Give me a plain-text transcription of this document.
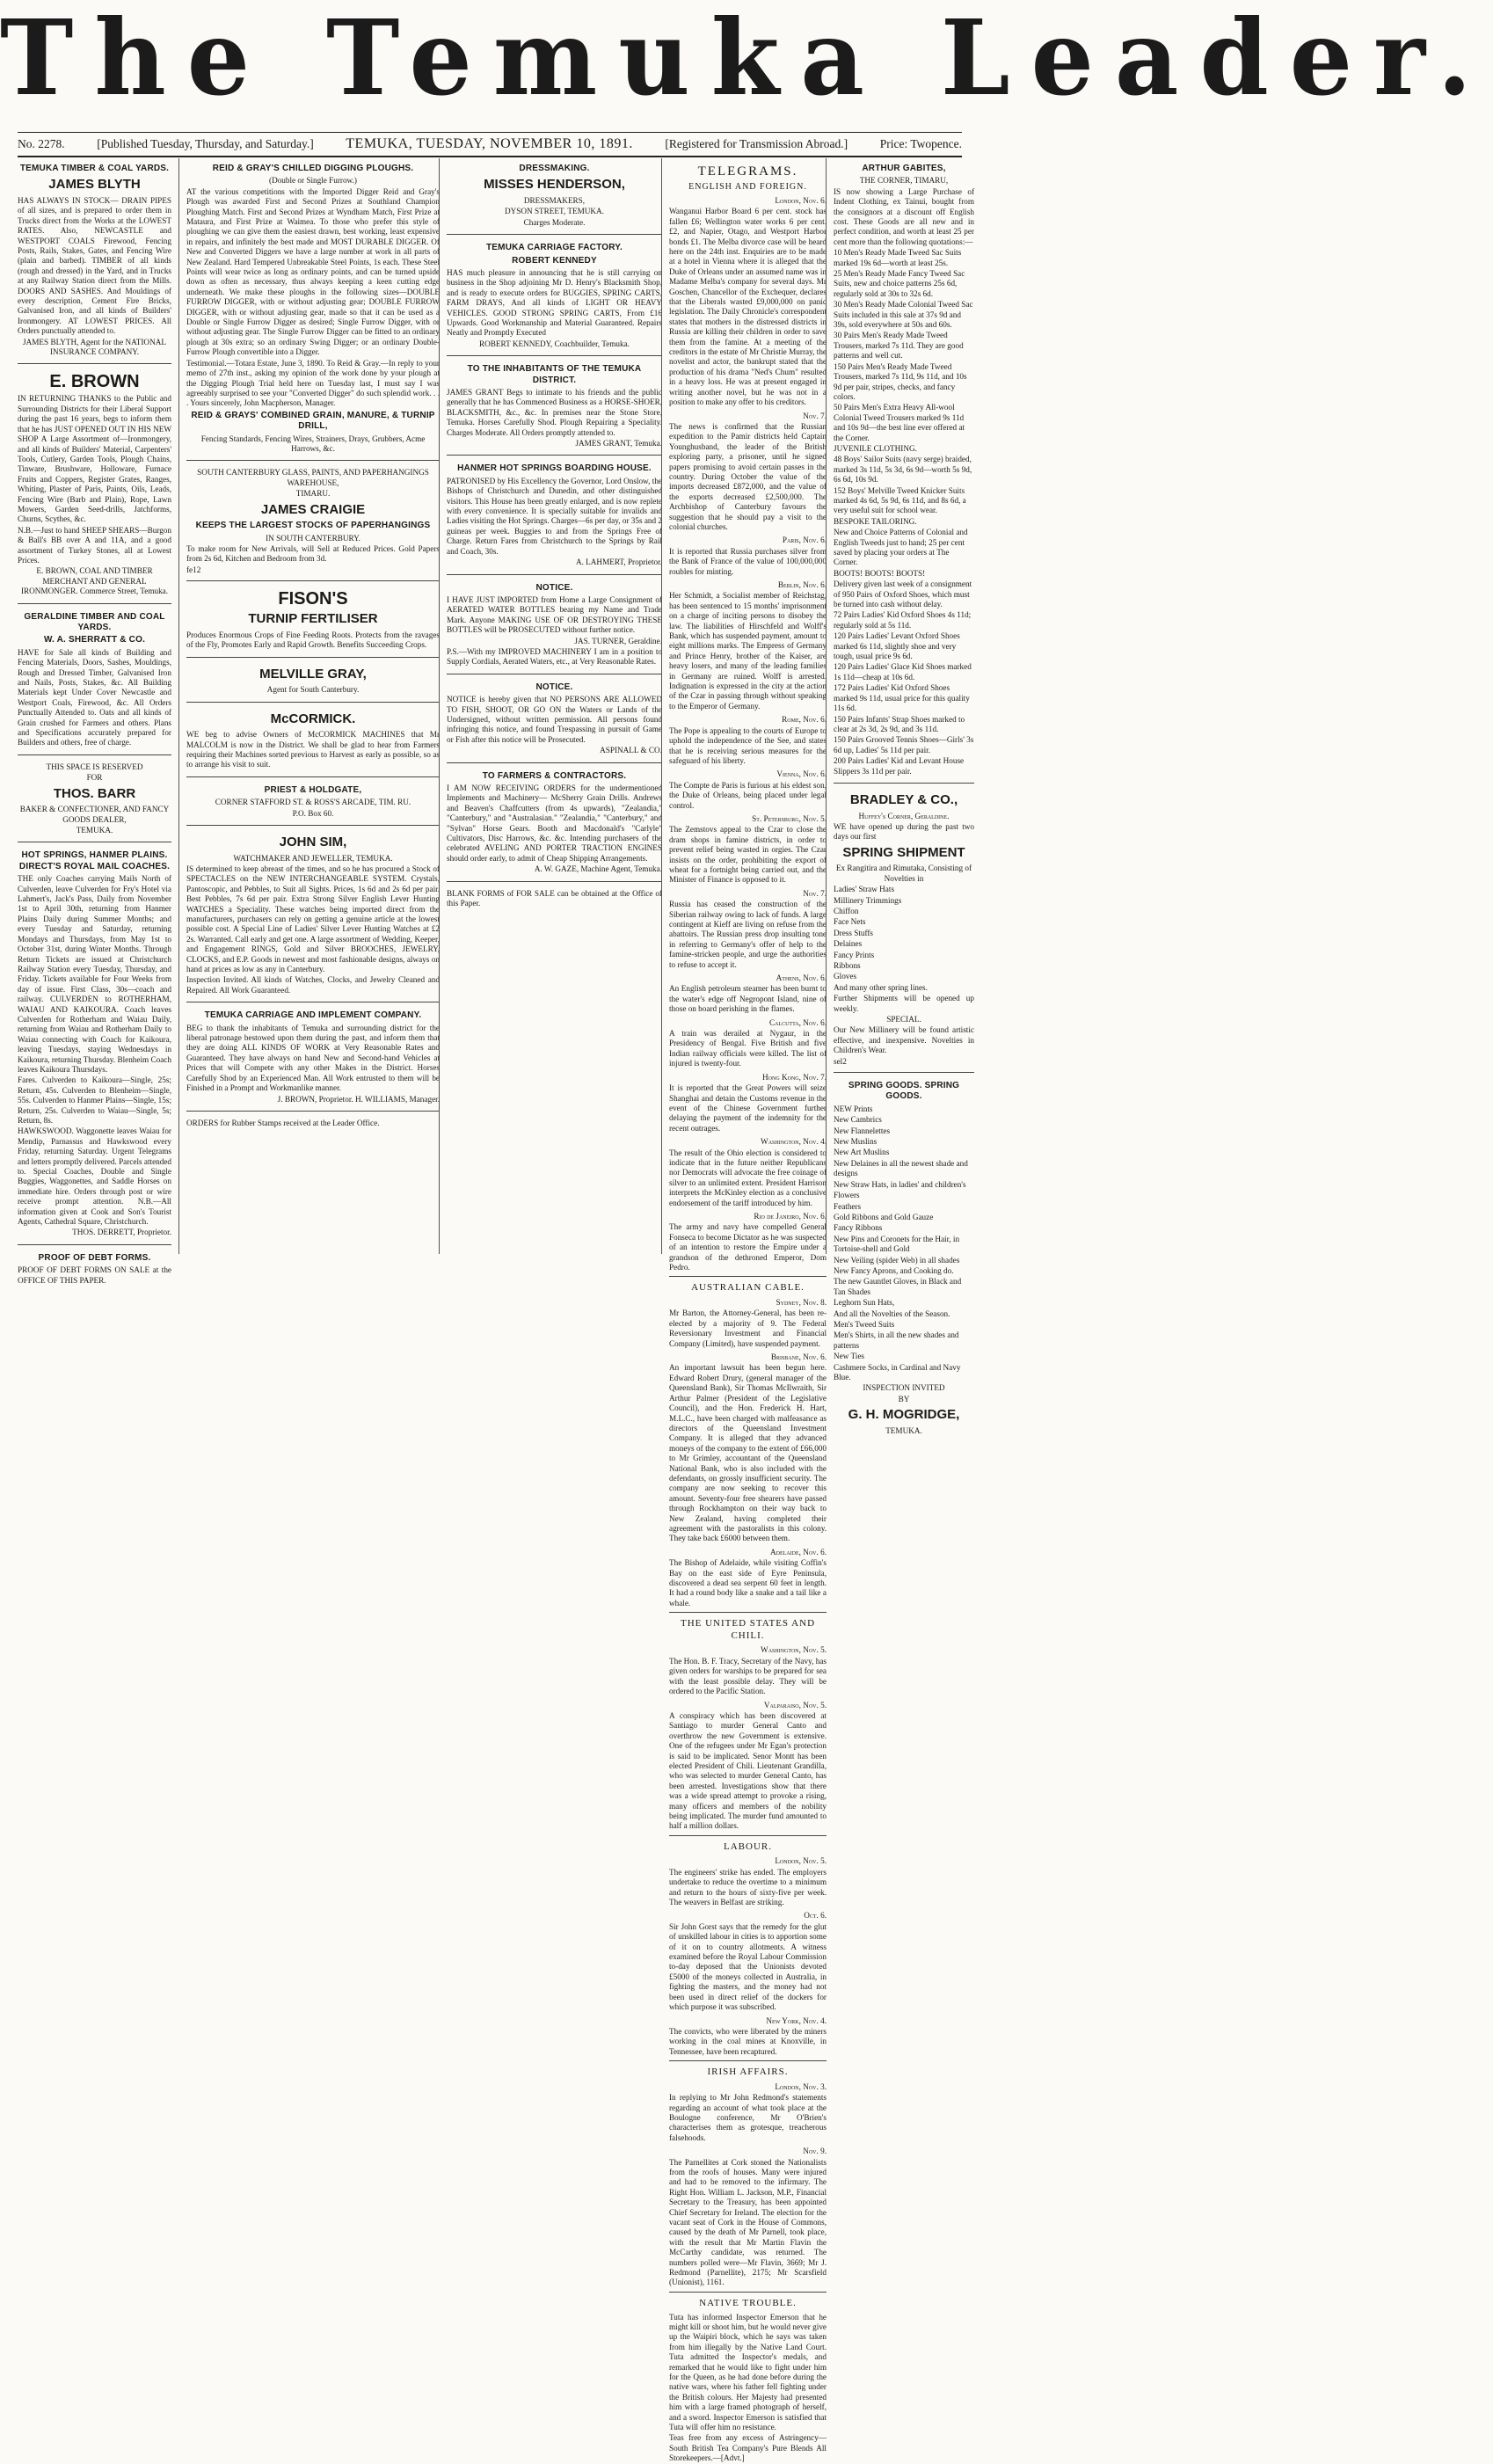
The Temuka Leader.
No. 2278.	[Published Tuesday, Thursday, and Saturday.] TEMUKA, TUESDAY, NOVEMBER 10, 1891.	[Registered for Transmission Abroad.]	Price: Twopence.
TEMUKA TIMBER & COAL YARDS.
JAMES BLYTH
HAS ALWAYS IN STOCK— DRAIN PIPES of all sizes, and is prepared to order them in Trucks direct from the Works at the LOWEST RATES. Also, NEWCASTLE and WESTPORT COALS Firewood, Fencing Posts, Rails, Stakes, Gates, and Fencing Wire (plain and barbed). TIMBER of all kinds (rough and dressed) in the Yard, and in Trucks at any Railway Station direct from the Mills. DOORS AND SASHES. And Mouldings of every description, Cement Fire Bricks, Galvanised Iron, and all kinds of Builders' Ironmongery. AT LOWEST PRICES. All Orders punctually attended to.
JAMES BLYTH, Agent for the NATIONAL INSURANCE COMPANY.
E. BROWN
IN RETURNING THANKS to the Public and Surrounding Districts for their Liberal Support during the past 16 years, begs to inform them that he has JUST OPENED OUT IN HIS NEW SHOP A Large Assortment of—Ironmongery, and all kinds of Builders' Material, Carpenters' Tools, Cutlery, Garden Tools, Plough Chains, Tinware, Brushware, Holloware, Furnace Fruits and Coppers, Register Grates, Ranges, Whiting, Plaster of Paris, Paints, Oils, Leads, Fencing Wire (Barb and Plain), Rope, Lawn Mowers, Garden Seed-drills, Jatchforms, Churns, Scythes, &c.
N.B.—Just to hand SHEEP SHEARS—Burgon & Ball's BB over A and 11A, and a good assortment of Turkey Stones, all at Lowest Prices.
E. BROWN, COAL AND TIMBER MERCHANT AND GENERAL IRONMONGER. Commerce Street, Temuka.
GERALDINE TIMBER AND COAL YARDS.
W. A. SHERRATT & CO.
HAVE for Sale all kinds of Building and Fencing Materials, Doors, Sashes, Mouldings, Rough and Dressed Timber, Galvanised Iron and Nails, Posts, Stakes, &c. All Building Materials kept Under Cover Newcastle and Westport Coals, Firewood, &c. All Orders Punctually Attended to. Oats and all kinds of Grain crushed for Farmers and others. Plans and Specifications accurately prepared for Builders and others, free of charge.
THIS SPACE IS RESERVED
FOR
THOS. BARR
BAKER & CONFECTIONER, AND FANCY GOODS DEALER,
TEMUKA.
HOT SPRINGS, HANMER PLAINS. DIRECT'S ROYAL MAIL COACHES.
THE only Coaches carrying Mails North of Culverden, leave Culverden for Fry's Hotel via Lahmert's, Jack's Pass, Daily from November 1st to April 30th, returning from Hanmer Plains Daily during Summer Months; and every Tuesday and Saturday, returning Mondays and Thursdays, from May 1st to October 31st, during Winter Months. Through Return Tickets are issued at Christchurch Railway Station every Tuesday, Thursday, and Friday. Tickets available for Four Weeks from day of issue. First Class, 30s—coach and railway. CULVERDEN to ROTHERHAM, WAIAU AND KAIKOURA. Coach leaves Culverden for Rotherham and Waiau Daily, returning from Waiau and Rotherham Daily to Waiau connecting with Coach for Kaikoura, leaving Tuesdays, staying Wednesdays in Kaikoura, returning Thursday. Blenheim Coach leaves Kaikoura Thursdays.
Fares. Culverden to Kaikoura—Single, 25s; Return, 45s. Culverden to Blenheim—Single, 55s. Culverden to Hanmer Plains—Single, 15s; Return, 25s. Culverden to Waiau—Single, 5s; Return, 8s.
HAWKSWOOD. Waggonette leaves Waiau for Mendip, Parnassus and Hawkswood every Friday, returning Saturday. Urgent Telegrams and letters promptly delivered. Parcels attended to. Special Coaches, Double and Single Buggies, Waggonettes, and Saddle Horses on immediate hire. Orders through post or wire receive prompt attention. N.B.—All information given at Cook and Son's Tourist Agents, Cathedral Square, Christchurch.
THOS. DERRETT, Proprietor.
PROOF OF DEBT FORMS.
PROOF OF DEBT FORMS ON SALE at the OFFICE OF THIS PAPER.
REID & GRAY'S CHILLED DIGGING PLOUGHS.
(Double or Single Furrow.)
AT the various competitions with the Imported Digger Reid and Gray's Plough was awarded First and Second Prizes at Southland Champion Ploughing Match. First and Second Prizes at Wyndham Match, First Prize at Mataura, and First Prize at Waimea. To those who prefer this style of ploughing we can give them the easiest drawn, best working, least expensive in repairs, and infinitely the best made and MOST DURABLE DIGGER. Of New and Converted Diggers we have a large number at work in all parts of New Zealand. Hard Tempered Unbreakable Steel Points, 1s each. These Steel Points will wear twice as long as ordinary points, and can be turned upside down as often as necessary, thus always keeping a keen cutting edge underneath. We make these ploughs in the following sizes—DOUBLE FURROW DIGGER, with or without adjusting gear; DOUBLE FURROW DIGGER, with or without adjusting gear, made so that it can be used as a Double or Single Furrow Digger as desired; Single Furrow Digger, with or without adjusting gear. The Single Furrow Digger can be fitted to an ordinary plough at 30s extra; so an ordinary Swing Digger; or an ordinary Double-Furrow Plough convertible into a Digger.
Testimonial.—Totara Estate, June 3, 1890. To Reid & Gray.—In reply to your memo of 27th inst., asking my opinion of the work done by your plough at the Digging Plough Trial held here on Tuesday last, I must say I was agreeably surprised to see your "Converted Digger" do such splendid work. . . . Yours sincerely, John Macpherson, Manager.
REID & GRAYS' COMBINED GRAIN, MANURE, & TURNIP DRILL,
Fencing Standards, Fencing Wires, Strainers, Drays, Grubbers, Acme Harrows, &c.
SOUTH CANTERBURY GLASS, PAINTS, AND PAPERHANGINGS WAREHOUSE,
TIMARU.
JAMES CRAIGIE
KEEPS THE LARGEST STOCKS OF PAPERHANGINGS
IN SOUTH CANTERBURY.
To make room for New Arrivals, will Sell at Reduced Prices. Gold Papers from 2s 6d, Kitchen and Bedroom from 3d.
fe12
FISON'S
TURNIP FERTILISER
Produces Enormous Crops of Fine Feeding Roots. Protects from the ravages of the Fly, Promotes Early and Rapid Growth. Benefits Succeeding Crops.
MELVILLE GRAY,
Agent for South Canterbury.
McCORMICK.
WE beg to advise Owners of McCORMICK MACHINES that Mr MALCOLM is now in the District. We shall be glad to hear from Farmers requiring their Machines sorted previous to Harvest as early as possible, so as to arrange his visit to suit.
PRIEST & HOLDGATE,
CORNER STAFFORD ST. & ROSS'S ARCADE, TIM. RU.
P.O. Box 60.
JOHN SIM,
WATCHMAKER AND JEWELLER, TEMUKA.
IS determined to keep abreast of the times, and so he has procured a Stock of SPECTACLES on the NEW INTERCHANGEABLE SYSTEM. Crystals, Pantoscopic, and Pebbles, to Suit all Sights. Prices, 1s 6d and 2s 6d per pair. Best Pebbles, 7s 6d per pair. Extra Strong Silver English Lever Hunting WATCHES a Speciality. These watches being imported direct from the manufacturers, purchasers can rely on getting a genuine article at the lowest possible cost. A Special Line of Ladies' Silver Lever Hunting Watches at £2 2s. Warranted. Call early and get one. A large assortment of Wedding, Keeper, and Engagement RINGS, Gold and Silver BROOCHES, JEWELRY, CLOCKS, and E.P. Goods in newest and most fashionable designs, always on hand at prices as low as any in Canterbury.
Inspection Invited. All kinds of Watches, Clocks, and Jewelry Cleaned and Repaired. All Work Guaranteed.
TEMUKA CARRIAGE AND IMPLEMENT COMPANY.
BEG to thank the inhabitants of Temuka and surrounding district for the liberal patronage bestowed upon them during the past, and inform them that they are doing ALL KINDS OF WORK at Very Reasonable Rates and Guaranteed. They have always on hand New and Second-hand Vehicles at Prices that will Compete with any other Makes in the District. Horses Carefully Shod by an Experienced Man. All Work entrusted to them will be Finished in a Prompt and Workmanlike manner.
J. BROWN, Proprietor. H. WILLIAMS, Manager.
ORDERS for Rubber Stamps received at the Leader Office.
DRESSMAKING.
MISSES HENDERSON,
DRESSMAKERS,
DYSON STREET, TEMUKA.
Charges Moderate.
TEMUKA CARRIAGE FACTORY.
ROBERT KENNEDY
HAS much pleasure in announcing that he is still carrying on business in the Shop adjoining Mr D. Henry's Blacksmith Shop, and is ready to execute orders for BUGGIES, SPRING CARTS, FARM DRAYS, And all kinds of LIGHT OR HEAVY VEHICLES. GOOD STRONG SPRING CARTS, From £16 Upwards. Good Workmanship and Material Guaranteed. Repairs Neatly and Promptly Executed
ROBERT KENNEDY, Coachbuilder, Temuka.
TO THE INHABITANTS OF THE TEMUKA DISTRICT.
JAMES GRANT Begs to intimate to his friends and the public generally that he has Commenced Business as a HORSE-SHOER, BLACKSMITH, &c., &c. In premises near the Stone Store, Temuka. Horses Carefully Shod. Plough Repairing a Speciality. Charges Moderate. All Orders promptly attended to.
JAMES GRANT, Temuka.
HANMER HOT SPRINGS BOARDING HOUSE.
PATRONISED by His Excellency the Governor, Lord Onslow, the Bishops of Christchurch and Dunedin, and other distinguished visitors. This House has been greatly enlarged, and is now replete with every convenience. It is specially suitable for invalids and Ladies visiting the Hot Springs. Charges—6s per day, or 35s and 2 guineas per week. Buggies to and from the Springs Free of Charge. Return Fares from Christchurch to the Springs by Rail and Coach, 30s.
A. LAHMERT, Proprietor.
NOTICE.
I HAVE JUST IMPORTED from Home a Large Consignment of AERATED WATER BOTTLES bearing my Name and Trade Mark. Anyone MAKING USE OF OR DESTROYING THESE BOTTLES will be PROSECUTED without further notice.
JAS. TURNER, Geraldine.
P.S.—With my IMPROVED MACHINERY I am in a position to Supply Cordials, Aerated Waters, etc., at Very Reasonable Rates.
NOTICE.
NOTICE is hereby given that NO PERSONS ARE ALLOWED TO FISH, SHOOT, OR GO ON the Waters or Lands of the Undersigned, without written permission. All persons found infringing this notice, and found Trespassing in pursuit of Game or Fish after this notice will be Prosecuted.
ASPINALL & CO.
TO FARMERS & CONTRACTORS.
I AM NOW RECEIVING ORDERS for the undermentioned Implements and Machinery— McSherry Grain Drills. Andrews and Beaven's Chaffcutters (from 4s upwards), "Zealandia," "Canterbury," and "Australasian." "Zealandia," "Canterbury," and "Sylvan" Horse Gears. Booth and Macdonald's "Carlyle" Cultivators, Disc Harrows, &c. &c. Intending purchasers of the celebrated AVELING AND PORTER TRACTION ENGINES should order early, to admit of Cheap Shipping Arrangements.
A. W. GAZE, Machine Agent, Temuka.
BLANK FORMS of FOR SALE can be obtained at the Office of this Paper.
TELEGRAMS.
ENGLISH AND FOREIGN.
London, Nov. 6.
Wanganui Harbor Board 6 per cent. stock has fallen £6; Wellington water works 6 per cent. £2, and Napier, Otago, and Westport Harbor bonds £1. The Melba divorce case will be heard here on the 24th inst. Enquiries are to be made at a hotel in Vienna where it is alleged that the Duke of Orleans under an assumed name was in Madame Melba's company for several days. Mr Goschen, Chancellor of the Exchequer, declares that the Liberals wasted £9,000,000 on panic legislation. The Daily Chronicle's correspondent states that mothers in the distressed districts in Russia are killing their children in order to save them from the famine. At a meeting of the creditors in the estate of Mr Christie Murray, the novelist and actor, the bankrupt stated that the production of his drama "Ned's Chum" resulted in a heavy loss. He was at present engaged in writing another novel, but he was not in a position to make any offer to his creditors.
Nov. 7.
The news is confirmed that the Russian expedition to the Pamir districts held Captain Younghusband, the leader of the British exploring party, a prisoner, until he signed papers promising to avoid certain passes in the country. During October the value of the imports decreased £872,000, and the value of the exports decreased £2,500,000. The Archbishop of Canterbury favours the suggestion that he should pay a visit to the colonial churches.
Paris, Nov. 6.
It is reported that Russia purchases silver from the Bank of France of the value of 100,000,000 roubles for minting.
Berlin, Nov. 6.
Her Schmidt, a Socialist member of Reichstag, has been sentenced to 15 months' imprisonment on a charge of inciting persons to disobey the law. The liabilities of Hirschfeld and Wolff's Bank, which has suspended payment, amount to eight millions marks. The Empress of Germany and Prince Henry, brother of the Kaiser, are heavy losers, and many of the leading families in Germany are ruined. Wolff is arrested. Indignation is expressed in the city at the action of the Czar in passing through without speaking to the Emperor of Germany.
Rome, Nov. 6.
The Pope is appealing to the courts of Europe to uphold the independence of the See, and states that he is receiving serious measures for the safeguard of his liberty.
Vienna, Nov. 6.
The Compte de Paris is furious at his eldest son, the Duke of Orleans, being placed under legal control.
St. Petersburg, Nov. 5.
The Zemstovs appeal to the Czar to close the dram shops in famine districts, in order to prevent relief being wasted in orgies. The Czar insists on the order, prohibiting the export of wheat for a fortnight being carried out, and the Minister of Finance is opposed to it.
Nov. 7.
Russia has ceased the construction of the Siberian railway owing to lack of funds. A large contingent at Kieff are living on refuse from the abattoirs. The Russian press drop insulting tone in referring to Germany's offer of help to the famine-stricken people, and urge the authorities to refuse to accept it.
Athens, Nov. 6.
An English petroleum steamer has been burnt to the water's edge off Negropont Island, nine of those on board perishing in the flames.
Calcutta, Nov. 6.
A train was derailed at Nygaur, in the Presidency of Bengal. Five British and five Indian railway officials were killed. The list of injured is twenty-four.
Hong Kong, Nov. 7.
It is reported that the Great Powers will seize Shanghai and detain the Customs revenue in the event of the Chinese Government further delaying the payment of the indemnity for the recent outrages.
Washington, Nov. 4.
The result of the Ohio election is considered to indicate that in the future neither Republicans nor Democrats will advocate the free coinage of silver to an unlimited extent. President Harrison interprets the McKinley election as a conclusive endorsement of the tariff introduced by him.
Rio de Janeiro, Nov. 6.
The army and navy have compelled General Fonseca to become Dictator as he was suspected of an intention to restore the Empire under a grandson of the dethroned Emperor, Dom Pedro.
AUSTRALIAN CABLE.
Sydney, Nov. 8.
Mr Barton, the Attorney-General, has been re-elected by a majority of 9. The Federal Reversionary Investment and Financial Company (Limited), have suspended payment.
Brisbane, Nov. 6.
An important lawsuit has been begun here. Edward Robert Drury, (general manager of the Queensland Bank), Sir Thomas McIlwraith, Sir Arthur Palmer (President of the Legislative Council), and the Hon. Frederick H. Hart, M.L.C., have been charged with malfeasance as directors of the Queensland Investment Company. It is alleged that they advanced moneys of the company to the extent of £66,000 to Mr Grimley, accountant of the Queensland National Bank, who is also included with the defendants, on grossly insufficient security. The company are now seeking to recover this amount. Seventy-four free shearers have passed through Rockhampton on their way back to New Zealand, having completed their agreement with the pastoralists in this colony. They take back £6000 between them.
Adelaide, Nov. 6.
The Bishop of Adelaide, while visiting Coffin's Bay on the east side of Eyre Peninsula, discovered a dead sea serpent 60 feet in length. It had a round body like a snake and a tail like a whale.
THE UNITED STATES AND CHILI.
Washington, Nov. 5.
The Hon. B. F. Tracy, Secretary of the Navy, has given orders for warships to be prepared for sea with the least possible delay. They will be ordered to the Pacific Station.
Valparaiso, Nov. 5.
A conspiracy which has been discovered at Santiago to murder General Canto and overthrow the new Government is extensive. One of the refugees under Mr Egan's protection is said to be implicated. Senor Montt has been elected President of Chili. Lieutenant Grandilla, who was selected to murder General Canto, has been arrested. Investigations show that there was a wide spread attempt to provoke a rising, many officers and members of the nobility being implicated. The murder fund amounted to half a million dollars.
LABOUR.
London, Nov. 5.
The engineers' strike has ended. The employers undertake to reduce the overtime to a minimum and return to the hours of sixty-five per week. The weavers in Belfast are striking.
Oct. 6.
Sir John Gorst says that the remedy for the glut of unskilled labour in cities is to apportion some of it on to country allotments. A witness examined before the Royal Labour Commission to-day deposed that the Unionists devoted £5000 of the moneys collected in Australia, in fighting the masters, and the money had not been used in direct relief of the dockers for which purpose it was subscribed.
New York, Nov. 4.
The convicts, who were liberated by the miners working in the coal mines at Knoxville, in Tennessee, have been recaptured.
IRISH AFFAIRS.
London, Nov. 3.
In replying to Mr John Redmond's statements regarding an account of what took place at the Boulogne conference, Mr O'Brien's characterises them as grotesque, treacherous falsehoods.
Nov. 9.
The Parnellites at Cork stoned the Nationalists from the roofs of houses. Many were injured and had to be removed to the infirmary. The Right Hon. William L. Jackson, M.P., Financial Secretary to the Treasury, has been appointed Chief Secretary for Ireland. The election for the vacant seat of Cork in the House of Commons, caused by the death of Mr Parnell, took place, with the result that Mr Martin Flavin the McCarthy candidate, was returned. The numbers polled were—Mr Flavin, 3669; Mr J. Redmond (Parnellite), 2175; Mr Scarsfield (Unionist), 1161.
NATIVE TROUBLE.
Tuta has informed Inspector Emerson that he might kill or shoot him, but he would never give up the Waipiri block, which he says was taken from him illegally by the Native Land Court. Tuta admitted the Inspector's medals, and remarked that he would like to fight under him for the Queen, as he had done before during the native wars, where his father fell fighting under the British colours. Her Majesty had presented him with a large framed photograph of herself, and a sword. Inspector Emerson is satisfied that Tuta will offer him no resistance.
Teas free from any excess of Astringency—South British Tea Company's Pure Blends All Storekeepers.—[Advt.]
ARTHUR GABITES,
THE CORNER, TIMARU,
IS now showing a Large Purchase of Indent Clothing, ex Tainui, bought from the consignors at a discount off English cost. These Goods are all new and in perfect condition, and worth at least 25 per cent more than the following quotations:—
10 Men's Ready Made Tweed Sac Suits marked 19s 6d—worth at least 25s.
25 Men's Ready Made Fancy Tweed Sac Suits, new and choice patterns 25s 6d, regularly sold at 30s to 32s 6d.
30 Men's Ready Made Colonial Tweed Sac Suits included in this sale at 37s 9d and 39s, sold everywhere at 50s and 60s.
30 Pairs Men's Ready Made Tweed Trousers, marked 7s 11d. They are good patterns and well cut.
150 Pairs Men's Ready Made Tweed Trousers, marked 7s 11d, 9s 11d, and 10s 9d per pair, stripes, checks, and fancy colors.
50 Pairs Men's Extra Heavy All-wool Colonial Tweed Trousers marked 9s 11d and 10s 9d—the best line ever offered at the Corner.
JUVENILE CLOTHING.
48 Boys' Sailor Suits (navy serge) braided, marked 3s 11d, 5s 3d, 6s 9d—worth 5s 9d, 6s 6d, 10s 9d.
152 Boys' Melville Tweed Knicker Suits marked 4s 6d, 5s 9d, 6s 11d, and 8s 6d, a very useful suit for school wear.
BESPOKE TAILORING.
New and Choice Patterns of Colonial and English Tweeds just to hand; 25 per cent saved by placing your orders at The Corner.
BOOTS! BOOTS! BOOTS!
Delivery given last week of a consignment of 950 Pairs of Oxford Shoes, which must be turned into cash without delay.
72 Pairs Ladies' Kid Oxford Shoes 4s 11d; regularly sold at 5s 11d.
120 Pairs Ladies' Levant Oxford Shoes marked 6s 11d, slightly shoe and very tough, usual price 9s 6d.
120 Pairs Ladies' Glace Kid Shoes marked 1s 11d—cheap at 10s 6d.
172 Pairs Ladies' Kid Oxford Shoes marked 9s 11d, usual price for this quality 11s 6d.
150 Pairs Infants' Strap Shoes marked to clear at 2s 3d, 2s 9d, and 3s 11d.
150 Pairs Grooved Tennis Shoes—Girls' 3s 6d up, Ladies' 5s 11d per pair.
200 Pairs Ladies' Kid and Levant House Slippers 3s 11d per pair.
BRADLEY & CO.,
Huffey's Corner, Geraldine.
WE have opened up during the past two days our first
SPRING SHIPMENT
Ex Rangitira and Rimutaka, Consisting of Novelties in
Ladies' Straw Hats
Millinery Trimmings
Chiffon
Face Nets
Dress Stuffs
Delaines
Fancy Prints
Ribbons
Gloves
And many other spring lines.
Further Shipments will be opened up weekly.
SPECIAL.
Our New Millinery will be found artistic effective, and inexpensive. Novelties in Children's Wear.
sel2
SPRING GOODS. SPRING GOODS.
NEW Prints
New Cambrics
New Flannelettes
New Muslins
New Art Muslins
New Delaines in all the newest shade and designs
New Straw Hats, in ladies' and children's
Flowers
Feathers
Gold Ribbons and Gold Gauze
Fancy Ribbons
New Pins and Coronets for the Hair, in Tortoise-shell and Gold
New Veiling (spider Web) in all shades
New Fancy Aprons, and Cooking do.
The new Gauntlet Gloves, in Black and Tan Shades
Leghorn Sun Hats,
And all the Novelties of the Season.
Men's Tweed Suits
Men's Shirts, in all the new shades and patterns
New Ties
Cashmere Socks, in Cardinal and Navy Blue.
INSPECTION INVITED
BY
G. H. MOGRIDGE,
TEMUKA.
